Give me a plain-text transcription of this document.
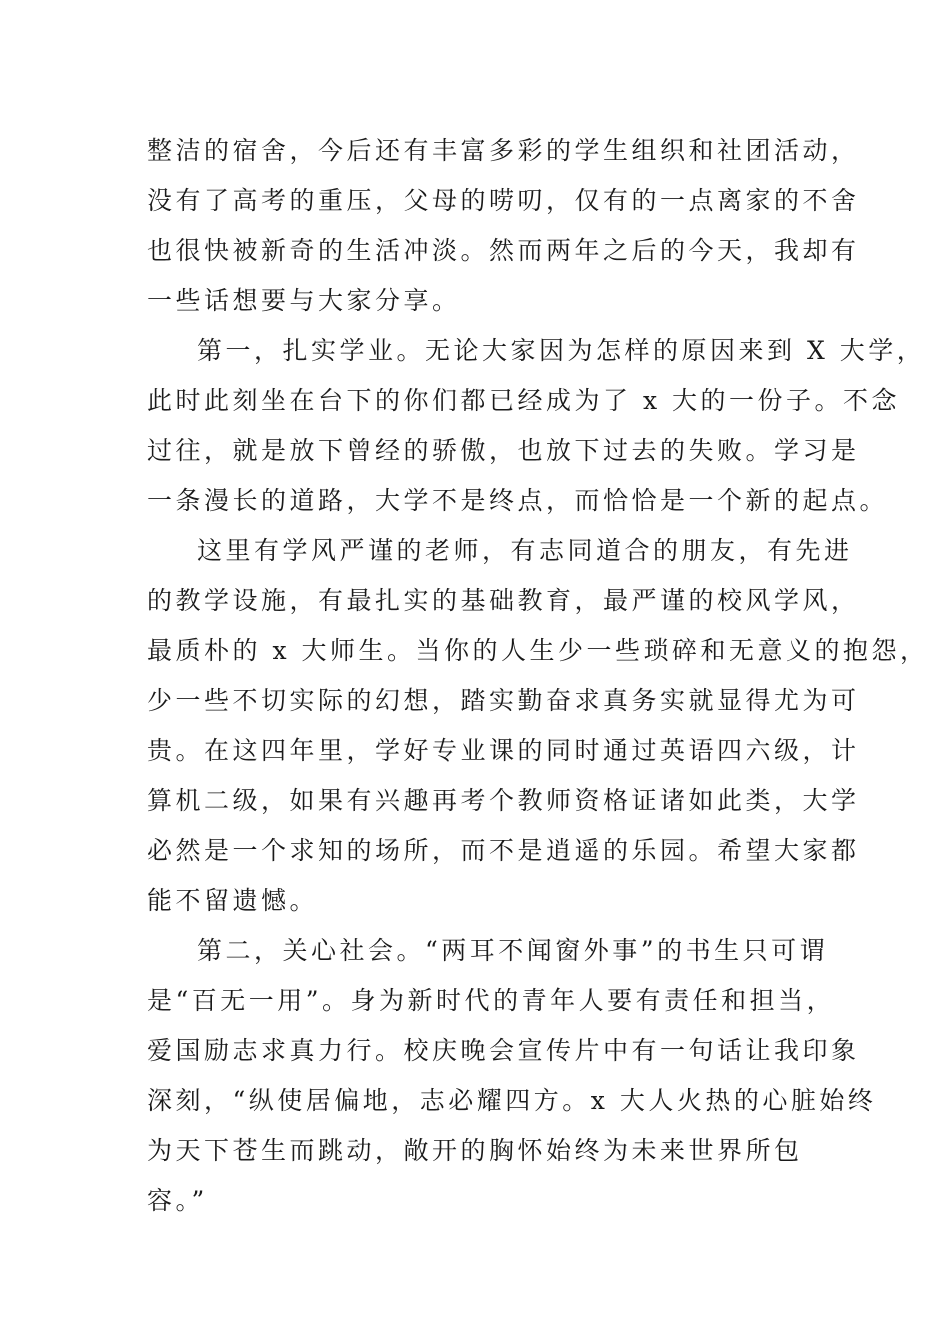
整洁的宿舍，今后还有丰富多彩的学生组织和社团活动，
没有了高考的重压，父母的唠叨，仅有的一点离家的不舍
也很快被新奇的生活冲淡。然而两年之后的今天，我却有
一些话想要与大家分享。
第一，扎实学业。无论大家因为怎样的原因来到 X 大学，
此时此刻坐在台下的你们都已经成为了 x 大的一份子。不念
过往，就是放下曾经的骄傲，也放下过去的失败。学习是
一条漫长的道路，大学不是终点，而恰恰是一个新的起点。
这里有学风严谨的老师，有志同道合的朋友，有先进
的教学设施，有最扎实的基础教育，最严谨的校风学风，
最质朴的 x 大师生。当你的人生少一些琐碎和无意义的抱怨，
少一些不切实际的幻想，踏实勤奋求真务实就显得尤为可
贵。在这四年里，学好专业课的同时通过英语四六级，计
算机二级，如果有兴趣再考个教师资格证诸如此类，大学
必然是一个求知的场所，而不是逍遥的乐园。希望大家都
能不留遗憾。
第二，关心社会。“两耳不闻窗外事”的书生只可谓
是“百无一用”。身为新时代的青年人要有责任和担当，
爱国励志求真力行。校庆晚会宣传片中有一句话让我印象
深刻，“纵使居偏地，志必耀四方。x 大人火热的心脏始终
为天下苍生而跳动，敞开的胸怀始终为未来世界所包
容。”
